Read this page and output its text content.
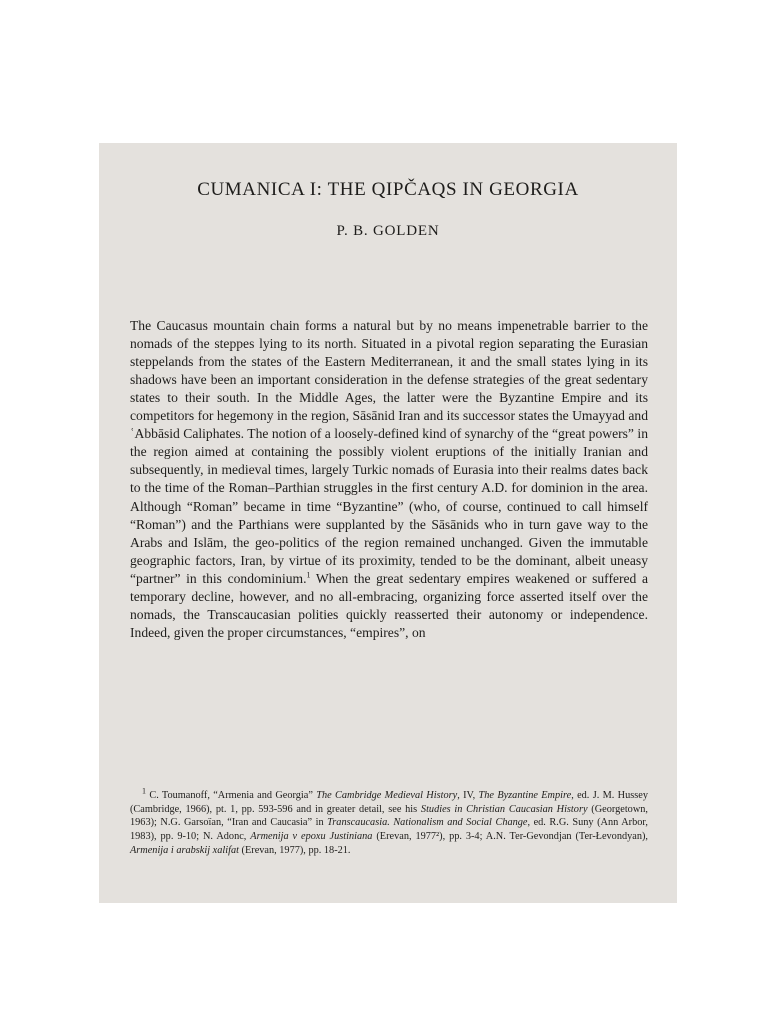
CUMANICA I: THE QIPČAQS IN GEORGIA
P. B. GOLDEN

The Caucasus mountain chain forms a natural but by no means impenetrable barrier to the nomads of the steppes lying to its north. Situated in a pivotal region separating the Eurasian steppelands from the states of the Eastern Mediterranean, it and the small states lying in its shadows have been an important consideration in the defense strategies of the great sedentary states to their south. In the Middle Ages, the latter were the Byzantine Empire and its competitors for hegemony in the region, Sāsānid Iran and its successor states the Umayyad and ʿAbbāsid Caliphates. The notion of a loosely-defined kind of synarchy of the “great powers” in the region aimed at containing the possibly violent eruptions of the initially Iranian and subsequently, in medieval times, largely Turkic nomads of Eurasia into their realms dates back to the time of the Roman–Parthian struggles in the first century A.D. for dominion in the area. Although “Roman” became in time “Byzantine” (who, of course, continued to call himself “Roman”) and the Parthians were supplanted by the Sāsānids who in turn gave way to the Arabs and Islām, the geo-politics of the region remained unchanged. Given the immutable geographic factors, Iran, by virtue of its proximity, tended to be the dominant, albeit uneasy “partner” in this condominium.$^1$ When the great sedentary empires weakened or suffered a temporary decline, however, and no all-embracing, organizing force asserted itself over the nomads, the Transcaucasian polities quickly reasserted their autonomy or independence. Indeed, given the proper circumstances, “empires”, on

$^1$ C. Toumanoff, “Armenia and Georgia” The Cambridge Medieval History, IV, The Byzantine Empire, ed. J. M. Hussey (Cambridge, 1966), pt. 1, pp. 593-596 and in greater detail, see his Studies in Christian Caucasian History (Georgetown, 1963); N.G. Garsoïan, “Iran and Caucasia” in Transcaucasia. Nationalism and Social Change, ed. R.G. Suny (Ann Arbor, 1983), pp. 9-10; N. Adonc, Armenija v epoxu Justiniana (Erevan, 1977²), pp. 3-4; A.N. Ter-Gevondjan (Ter-Łevondyan), Armenija i arabskij xalifat (Erevan, 1977), pp. 18-21.
